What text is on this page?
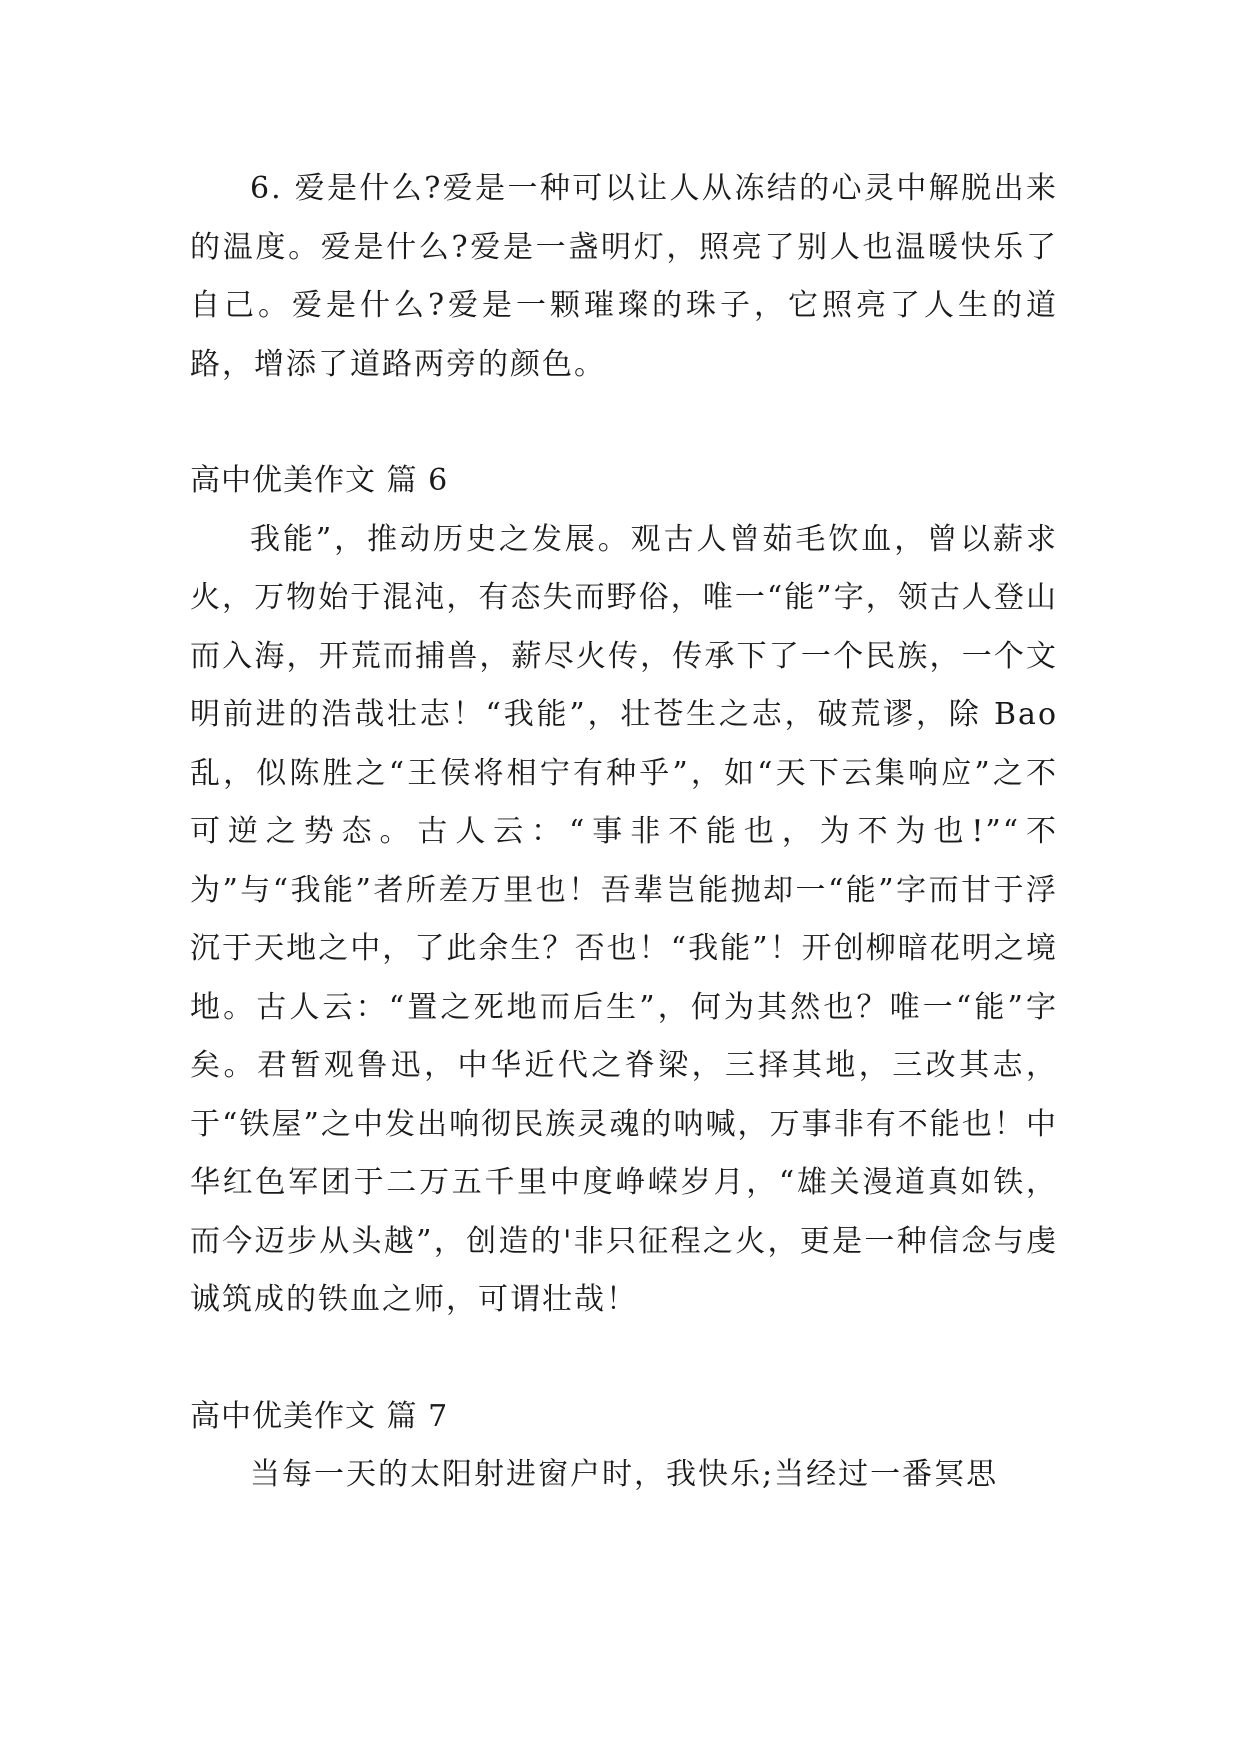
6. 爱是什么?爱是一种可以让人从冻结的心灵中解脱出来的温度。爱是什么?爱是一盏明灯，照亮了别人也温暖快乐了自己。爱是什么?爱是一颗璀璨的珠子，它照亮了人生的道路，增添了道路两旁的颜色。

高中优美作文 篇 6

我能”，推动历史之发展。观古人曾茹毛饮血，曾以薪求火，万物始于混沌，有态失而野俗，唯一“能”字，领古人登山而入海，开荒而捕兽，薪尽火传，传承下了一个民族，一个文明前进的浩哉壮志！“我能”，壮苍生之志，破荒谬，除 Bao 乱，似陈胜之“王侯将相宁有种乎”，如“天下云集响应”之不可逆之势态。古人云：“事非不能也，为不为也!”“不为”与“我能”者所差万里也！吾辈岂能抛却一“能”字而甘于浮沉于天地之中，了此余生？否也！“我能”！开创柳暗花明之境地。古人云：“置之死地而后生”，何为其然也？唯一“能”字矣。君暂观鲁迅，中华近代之脊梁，三择其地，三改其志，于“铁屋”之中发出响彻民族灵魂的呐喊，万事非有不能也！中华红色军团于二万五千里中度峥嵘岁月，“雄关漫道真如铁，而今迈步从头越”，创造的'非只征程之火，更是一种信念与虔诚筑成的铁血之师，可谓壮哉！

高中优美作文 篇 7

当每一天的太阳射进窗户时，我快乐;当经过一番冥思
